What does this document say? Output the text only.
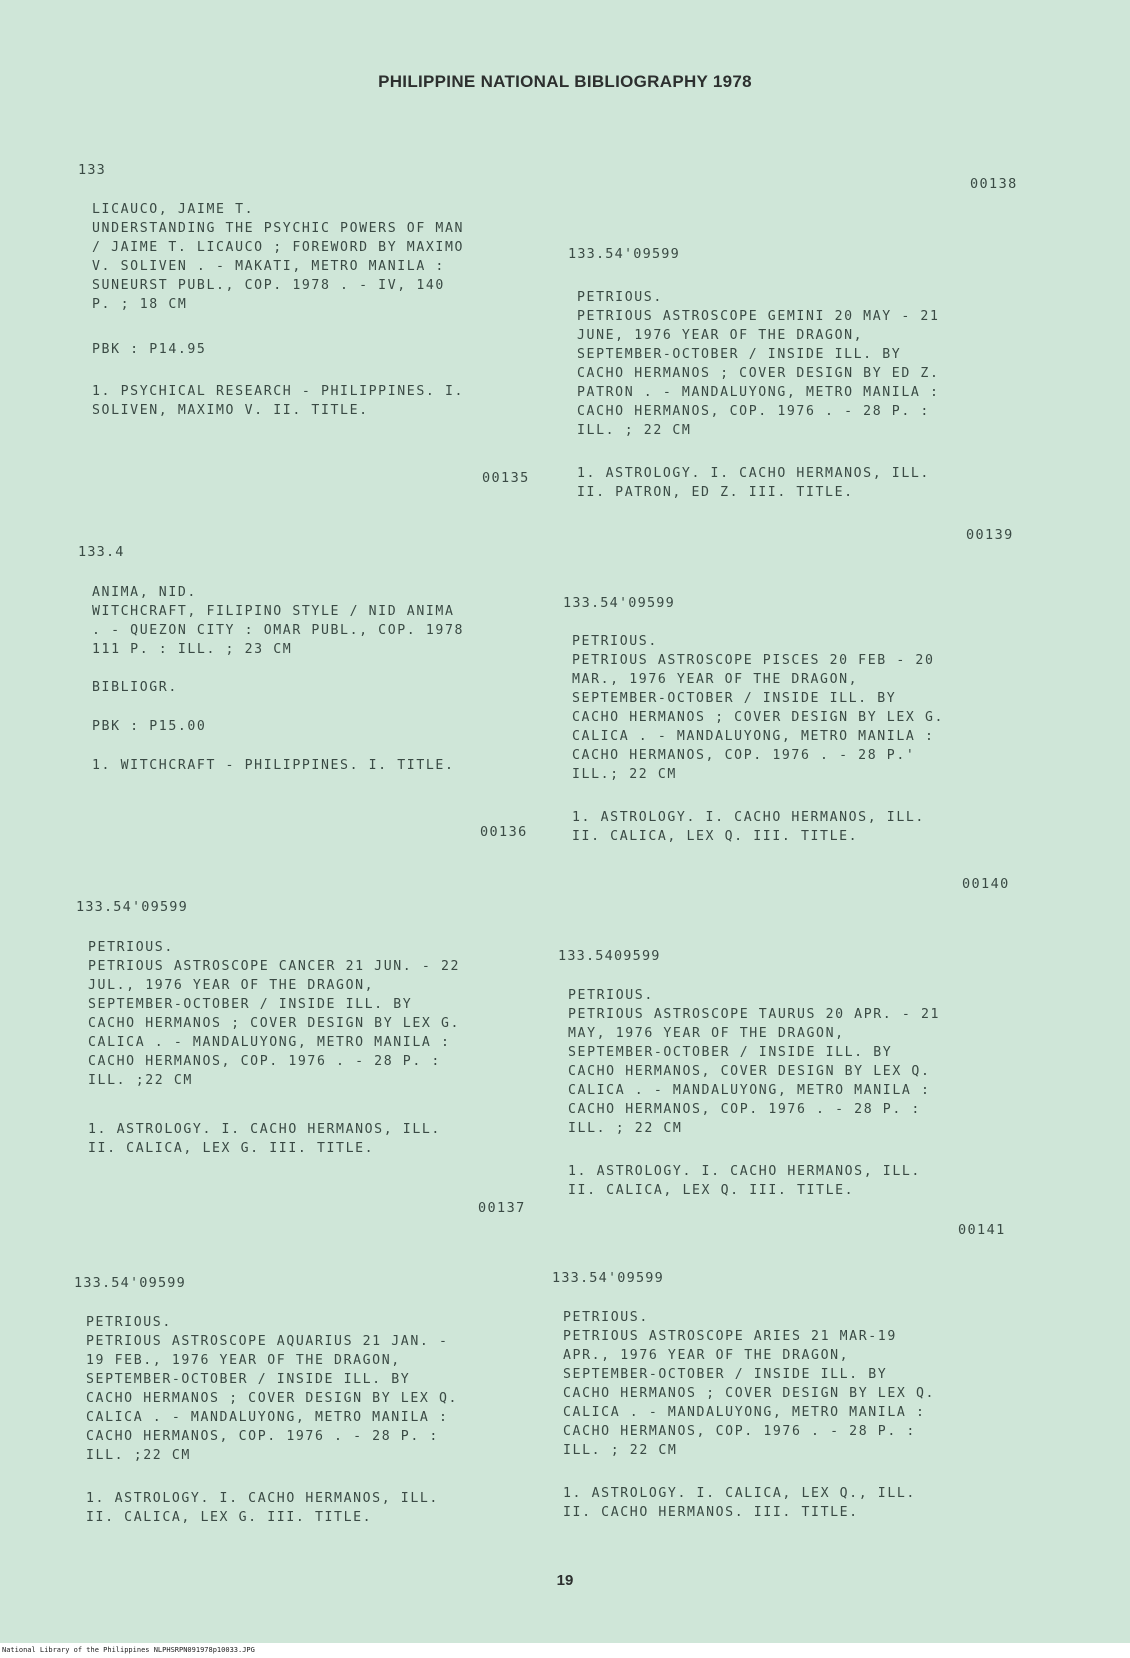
PHILIPPINE NATIONAL BIBLIOGRAPHY 1978
133
LICAUCO, JAIME T.
UNDERSTANDING THE PSYCHIC POWERS OF MAN
/ JAIME T. LICAUCO ; FOREWORD BY MAXIMO
V. SOLIVEN . - MAKATI, METRO MANILA :
SUNEURST PUBL., COP. 1978 . - IV, 140
P. ; 18 CM
PBK : P14.95
1. PSYCHICAL RESEARCH - PHILIPPINES. I.
SOLIVEN, MAXIMO V. II. TITLE.
00135
133.4
ANIMA, NID.
WITCHCRAFT, FILIPINO STYLE / NID ANIMA
. - QUEZON CITY : OMAR PUBL., COP. 1978
111 P. : ILL. ; 23 CM
BIBLIOGR.
PBK : P15.00
1. WITCHCRAFT - PHILIPPINES. I. TITLE.
00136
133.54'09599
PETRIOUS.
PETRIOUS ASTROSCOPE CANCER 21 JUN. - 22
JUL., 1976 YEAR OF THE DRAGON,
SEPTEMBER-OCTOBER / INSIDE ILL. BY
CACHO HERMANOS ; COVER DESIGN BY LEX G.
CALICA . - MANDALUYONG, METRO MANILA :
CACHO HERMANOS, COP. 1976 . - 28 P. :
ILL. ;22 CM
1. ASTROLOGY. I. CACHO HERMANOS, ILL.
II. CALICA, LEX G. III. TITLE.
00137
133.54'09599
PETRIOUS.
PETRIOUS ASTROSCOPE AQUARIUS 21 JAN. -
19 FEB., 1976 YEAR OF THE DRAGON,
SEPTEMBER-OCTOBER / INSIDE ILL. BY
CACHO HERMANOS ; COVER DESIGN BY LEX Q.
CALICA . - MANDALUYONG, METRO MANILA :
CACHO HERMANOS, COP. 1976 . - 28 P. :
ILL. ;22 CM
1. ASTROLOGY. I. CACHO HERMANOS, ILL.
II. CALICA, LEX G. III. TITLE.
00138
133.54'09599
PETRIOUS.
PETRIOUS ASTROSCOPE GEMINI 20 MAY - 21
JUNE, 1976 YEAR OF THE DRAGON,
SEPTEMBER-OCTOBER / INSIDE ILL. BY
CACHO HERMANOS ; COVER DESIGN BY ED Z.
PATRON . - MANDALUYONG, METRO MANILA :
CACHO HERMANOS, COP. 1976 . - 28 P. :
ILL. ; 22 CM
1. ASTROLOGY. I. CACHO HERMANOS, ILL.
II. PATRON, ED Z. III. TITLE.
00139
133.54'09599
PETRIOUS.
PETRIOUS ASTROSCOPE PISCES 20 FEB - 20
MAR., 1976 YEAR OF THE DRAGON,
SEPTEMBER-OCTOBER / INSIDE ILL. BY
CACHO HERMANOS ; COVER DESIGN BY LEX G.
CALICA . - MANDALUYONG, METRO MANILA :
CACHO HERMANOS, COP. 1976 . - 28 P.'
ILL.; 22 CM
1. ASTROLOGY. I. CACHO HERMANOS, ILL.
II. CALICA, LEX Q. III. TITLE.
00140
133.5409599
PETRIOUS.
PETRIOUS ASTROSCOPE TAURUS 20 APR. - 21
MAY, 1976 YEAR OF THE DRAGON,
SEPTEMBER-OCTOBER / INSIDE ILL. BY
CACHO HERMANOS, COVER DESIGN BY LEX Q.
CALICA . - MANDALUYONG, METRO MANILA :
CACHO HERMANOS, COP. 1976 . - 28 P. :
ILL. ; 22 CM
1. ASTROLOGY. I. CACHO HERMANOS, ILL.
II. CALICA, LEX Q. III. TITLE.
00141
133.54'09599
PETRIOUS.
PETRIOUS ASTROSCOPE ARIES 21 MAR-19
APR., 1976 YEAR OF THE DRAGON,
SEPTEMBER-OCTOBER / INSIDE ILL. BY
CACHO HERMANOS ; COVER DESIGN BY LEX Q.
CALICA . - MANDALUYONG, METRO MANILA :
CACHO HERMANOS, COP. 1976 . - 28 P. :
ILL. ; 22 CM
1. ASTROLOGY. I. CALICA, LEX Q., ILL.
II. CACHO HERMANOS. III. TITLE.
19
National Library of the Philippines NLPHSRPN091978p10033.JPG
